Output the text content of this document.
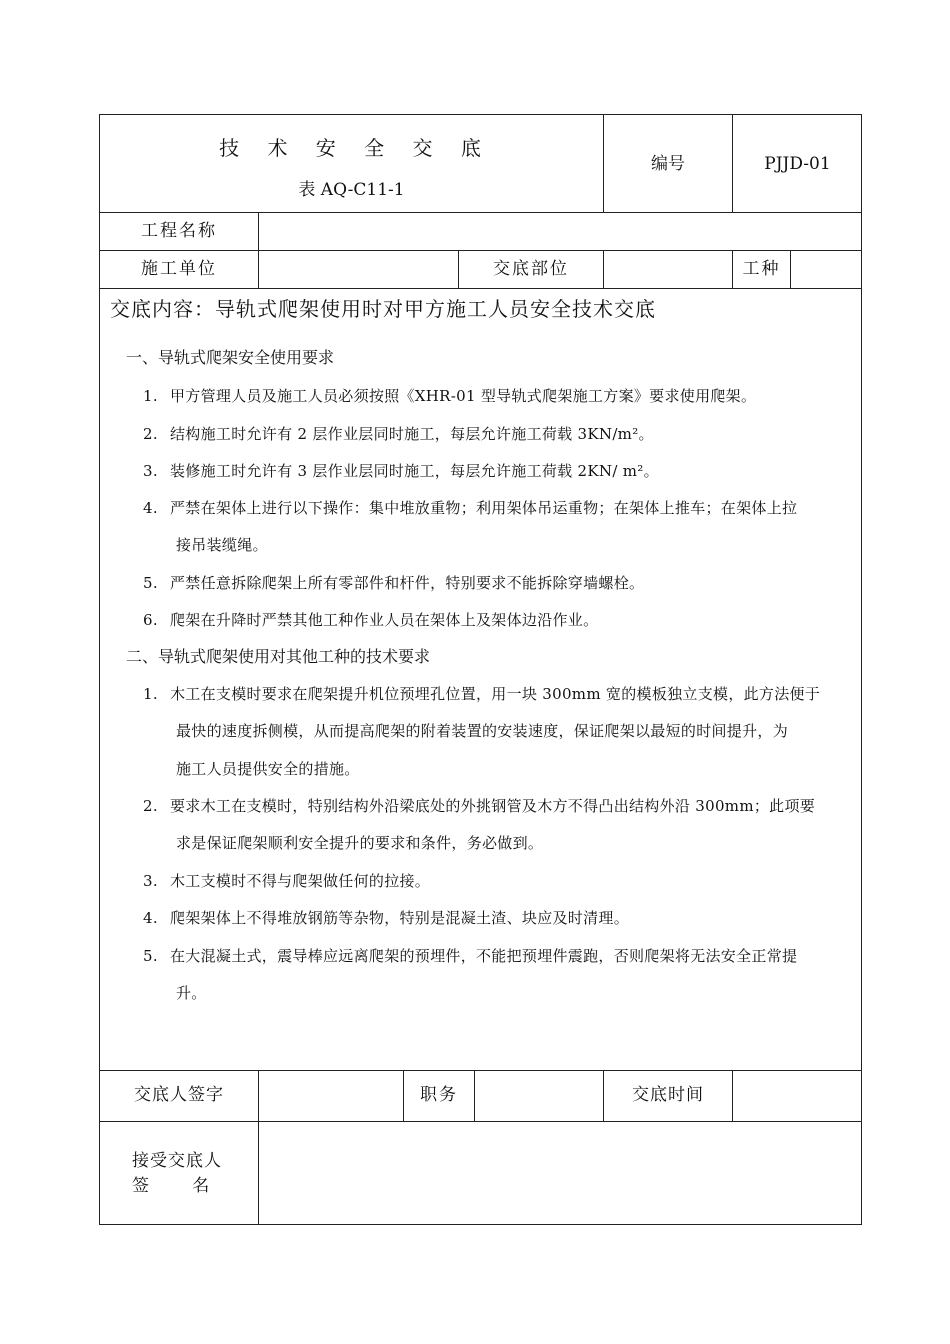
技 术 安 全 交 底
表 AQ-C11-1
编号	PJJD-01
工程名称
施工单位	交底部位	工种
交底内容：导轨式爬架使用时对甲方施工人员安全技术交底
一、导轨式爬架安全使用要求
1. 甲方管理人员及施工人员必须按照《XHR-01 型导轨式爬架施工方案》要求使用爬架。
2. 结构施工时允许有 2 层作业层同时施工，每层允许施工荷载 3KN/m²。
3. 装修施工时允许有 3 层作业层同时施工，每层允许施工荷载 2KN/ m²。
4. 严禁在架体上进行以下操作：集中堆放重物；利用架体吊运重物；在架体上推车；在架体上拉
接吊装缆绳。
5. 严禁任意拆除爬架上所有零部件和杆件，特别要求不能拆除穿墙螺栓。
6. 爬架在升降时严禁其他工种作业人员在架体上及架体边沿作业。
二、导轨式爬架使用对其他工种的技术要求
1. 木工在支模时要求在爬架提升机位预埋孔位置，用一块 300mm 宽的模板独立支模，此方法便于
最快的速度拆侧模，从而提高爬架的附着装置的安装速度，保证爬架以最短的时间提升，为
施工人员提供安全的措施。
2. 要求木工在支模时，特别结构外沿梁底处的外挑钢管及木方不得凸出结构外沿 300mm；此项要
求是保证爬架顺利安全提升的要求和条件，务必做到。
3. 木工支模时不得与爬架做任何的拉接。
4. 爬架架体上不得堆放钢筋等杂物，特别是混凝土渣、块应及时清理。
5. 在大混凝土式，震导棒应远离爬架的预埋件，不能把预埋件震跑，否则爬架将无法安全正常提
升。
交底人签字	职务	交底时间
接受交底人
签        名
